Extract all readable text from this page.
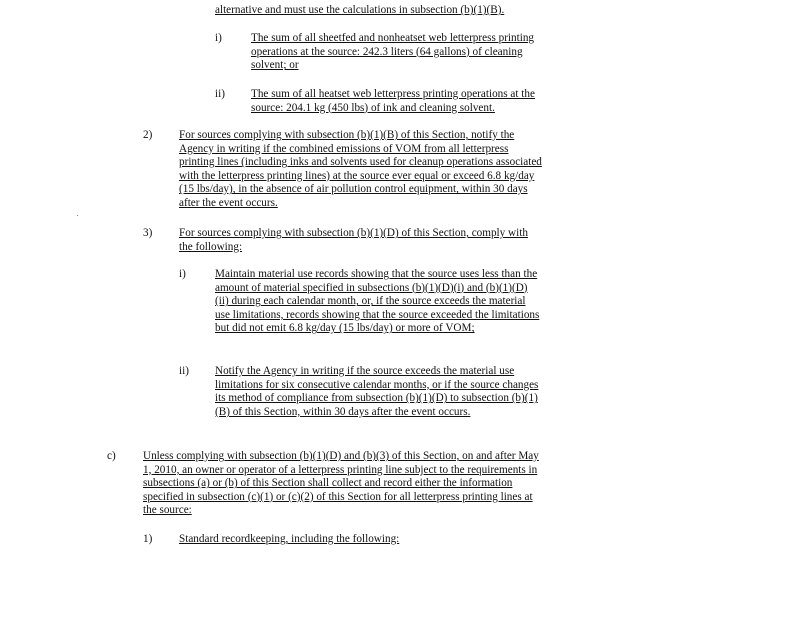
alternative and must use the calculations in subsection (b)(1)(B).

i)	The sum of all sheetfed and nonheatset web letterpress printing operations at the source: 242.3 liters (64 gallons) of cleaning solvent; or

ii) The sum of all heatset web letterpress printing operations at the source: 204.1 kg (450 lbs) of ink and cleaning solvent.

2) For sources complying with subsection (b)(1)(B) of this Section, notify the Agency in writing if the combined emissions of VOM from all letterpress printing lines (including inks and solvents used for cleanup operations associated with the letterpress printing lines) at the source ever equal or exceed 6.8 kg/day (15 lbs/day), in the absence of air pollution control equipment, within 30 days after the event occurs.

3) For sources complying with subsection (b)(1)(D) of this Section, comply with the following:

i)	Maintain material use records showing that the source uses less than the amount of material specified in subsections (b)(1)(D)(i) and (b)(1)(D)(ii) during each calendar month, or, if the source exceeds the material use limitations, records showing that the source exceeded the limitations but did not emit 6.8 kg/day (15 lbs/day) or more of VOM;

ii) Notify the Agency in writing if the source exceeds the material use limitations for six consecutive calendar months, or if the source changes its method of compliance from subsection (b)(1)(D) to subsection (b)(1)(B) of this Section, within 30 days after the event occurs.

c) Unless complying with subsection (b)(1)(D) and (b)(3) of this Section, on and after May 1, 2010, an owner or operator of a letterpress printing line subject to the requirements in subsections (a) or (b) of this Section shall collect and record either the information specified in subsection (c)(1) or (c)(2) of this Section for all letterpress printing lines at the source:

1) Standard recordkeeping, including the following:
